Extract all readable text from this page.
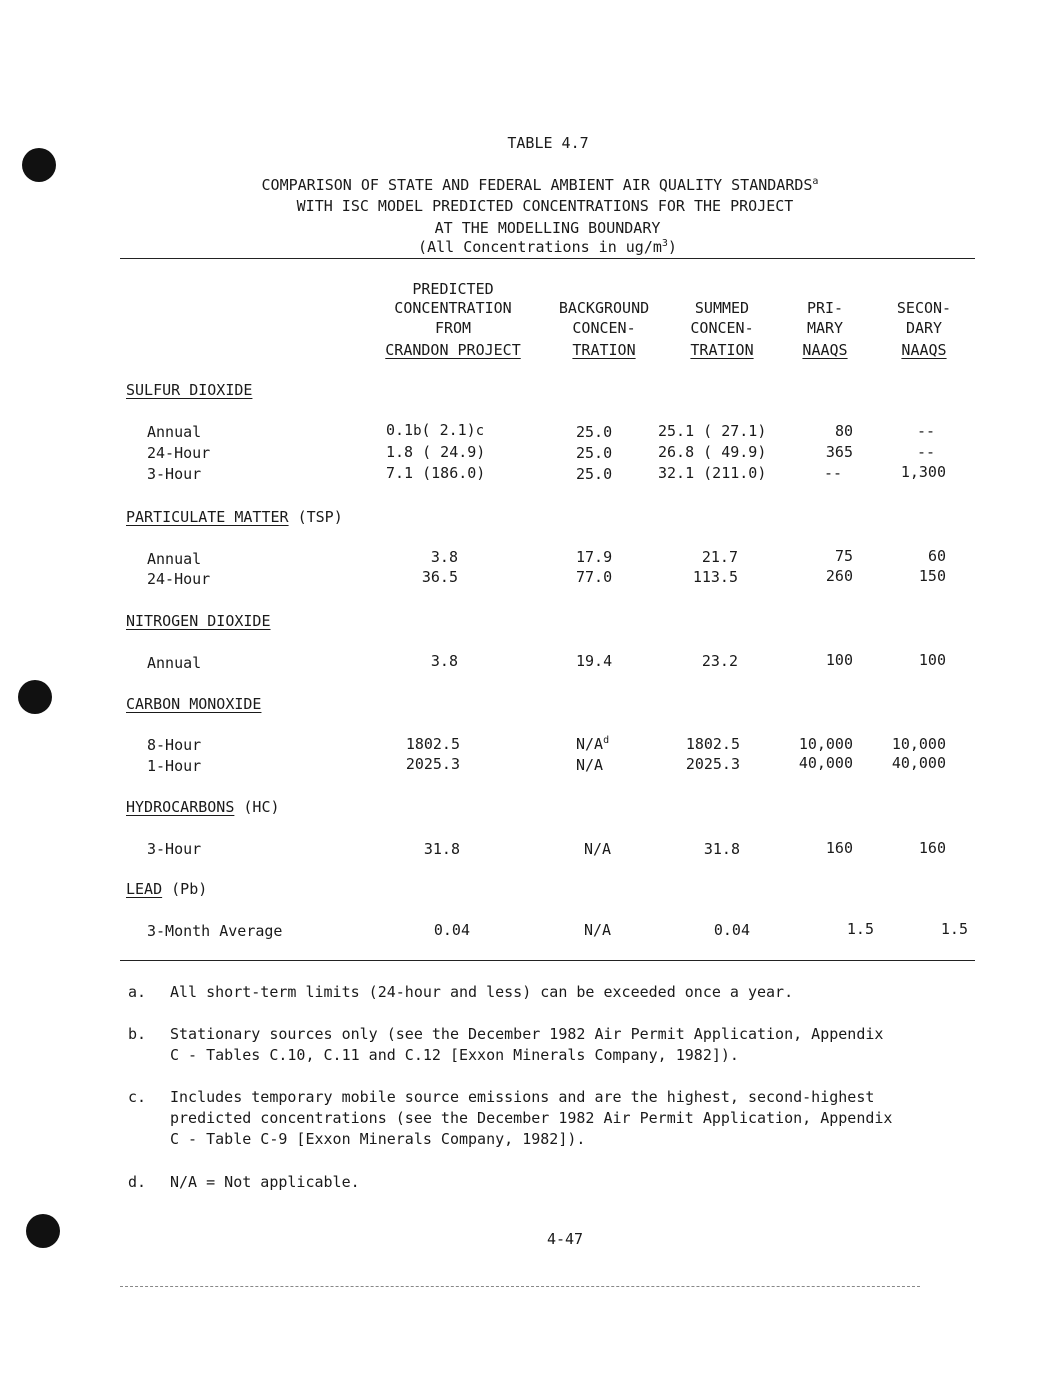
TABLE 4.7
COMPARISON OF STATE AND FEDERAL AMBIENT AIR QUALITY STANDARDS$^a$
WITH ISC MODEL PREDICTED CONCENTRATIONS FOR THE PROJECT
AT THE MODELLING BOUNDARY
(All Concentrations in $ug/m^3$)
PREDICTED
CONCENTRATION
FROM
CRANDON PROJECT
BACKGROUND
CONCEN-
TRATION
SUMMED
CONCEN-
TRATION
PRI-
MARY
NAAQS
SECON-
DARY
NAAQS
SULFUR DIOXIDE
Annual	0.1b( 2.1)c	25.0	25.1 ( 27.1)	80	--
24-Hour	1.8 ( 24.9)	25.0	26.8 ( 49.9)	365	--
3-Hour	7.1 (186.0)	25.0	32.1 (211.0)	--	1,300
PARTICULATE MATTER (TSP)
Annual	3.8	17.9	21.7	75	60
24-Hour	36.5	77.0	113.5	260	150
NITROGEN DIOXIDE
Annual	3.8	19.4	23.2	100	100
CARBON MONOXIDE
8-Hour	1802.5	$N/A^d$	1802.5	10,000	10,000
1-Hour	2025.3	N/A	2025.3	40,000	40,000
HYDROCARBONS (HC)
3-Hour	31.8	N/A	31.8	160	160
LEAD (Pb)
3-Month Average	0.04	N/A	0.04	1.5	1.5
a. All short-term limits (24-hour and less) can be exceeded once a year.
b. Stationary sources only (see the December 1982 Air Permit Application, Appendix
C - Tables C.10, C.11 and C.12 [Exxon Minerals Company, 1982]).
c. Includes temporary mobile source emissions and are the highest, second-highest
predicted concentrations (see the December 1982 Air Permit Application, Appendix
C - Table C-9 [Exxon Minerals Company, 1982]).
d. N/A = Not applicable.
4-47
